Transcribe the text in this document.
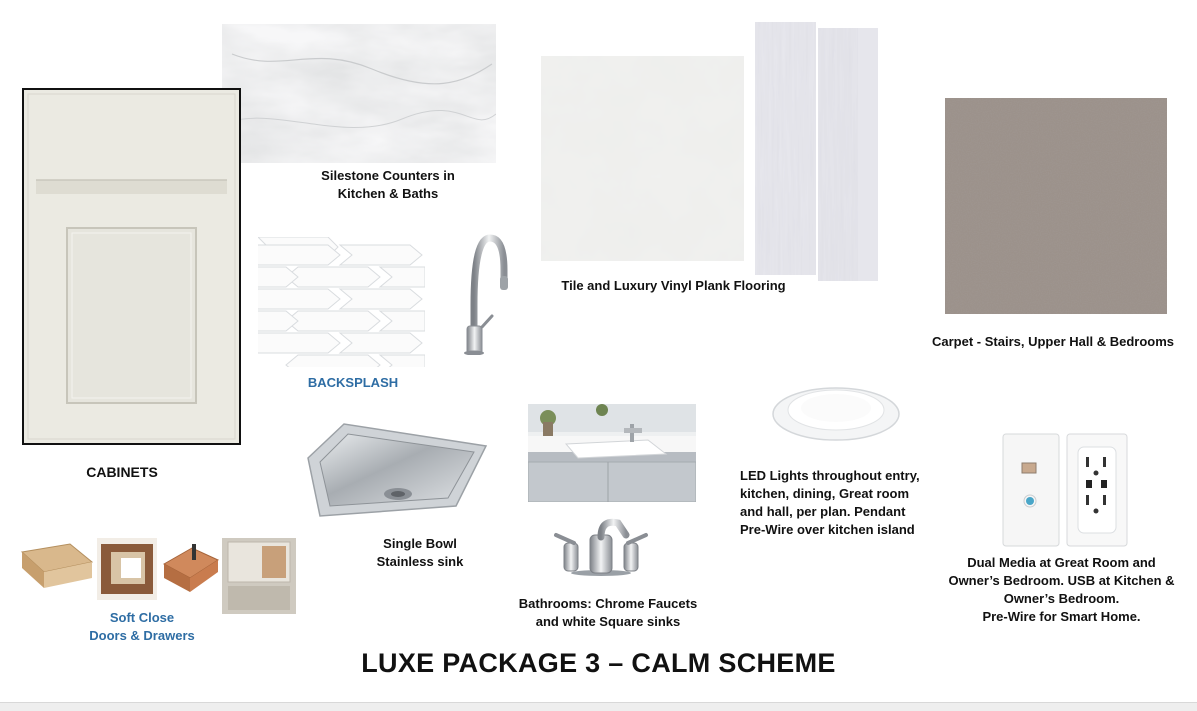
Silestone Counters in
Kitchen & Baths
CABINETS
BACKSPLASH
Tile and Luxury Vinyl Plank Flooring
Carpet - Stairs, Upper Hall & Bedrooms
Single Bowl
Stainless sink
Bathrooms: Chrome Faucets
and white Square sinks
LED Lights throughout entry,
kitchen, dining, Great room
and hall, per plan. Pendant
Pre-Wire over kitchen island
Dual Media at Great Room and
Owner’s Bedroom. USB at Kitchen &
Owner’s Bedroom.
Pre-Wire for Smart Home.
Soft Close
Doors & Drawers
LUXE PACKAGE 3 – CALM SCHEME
